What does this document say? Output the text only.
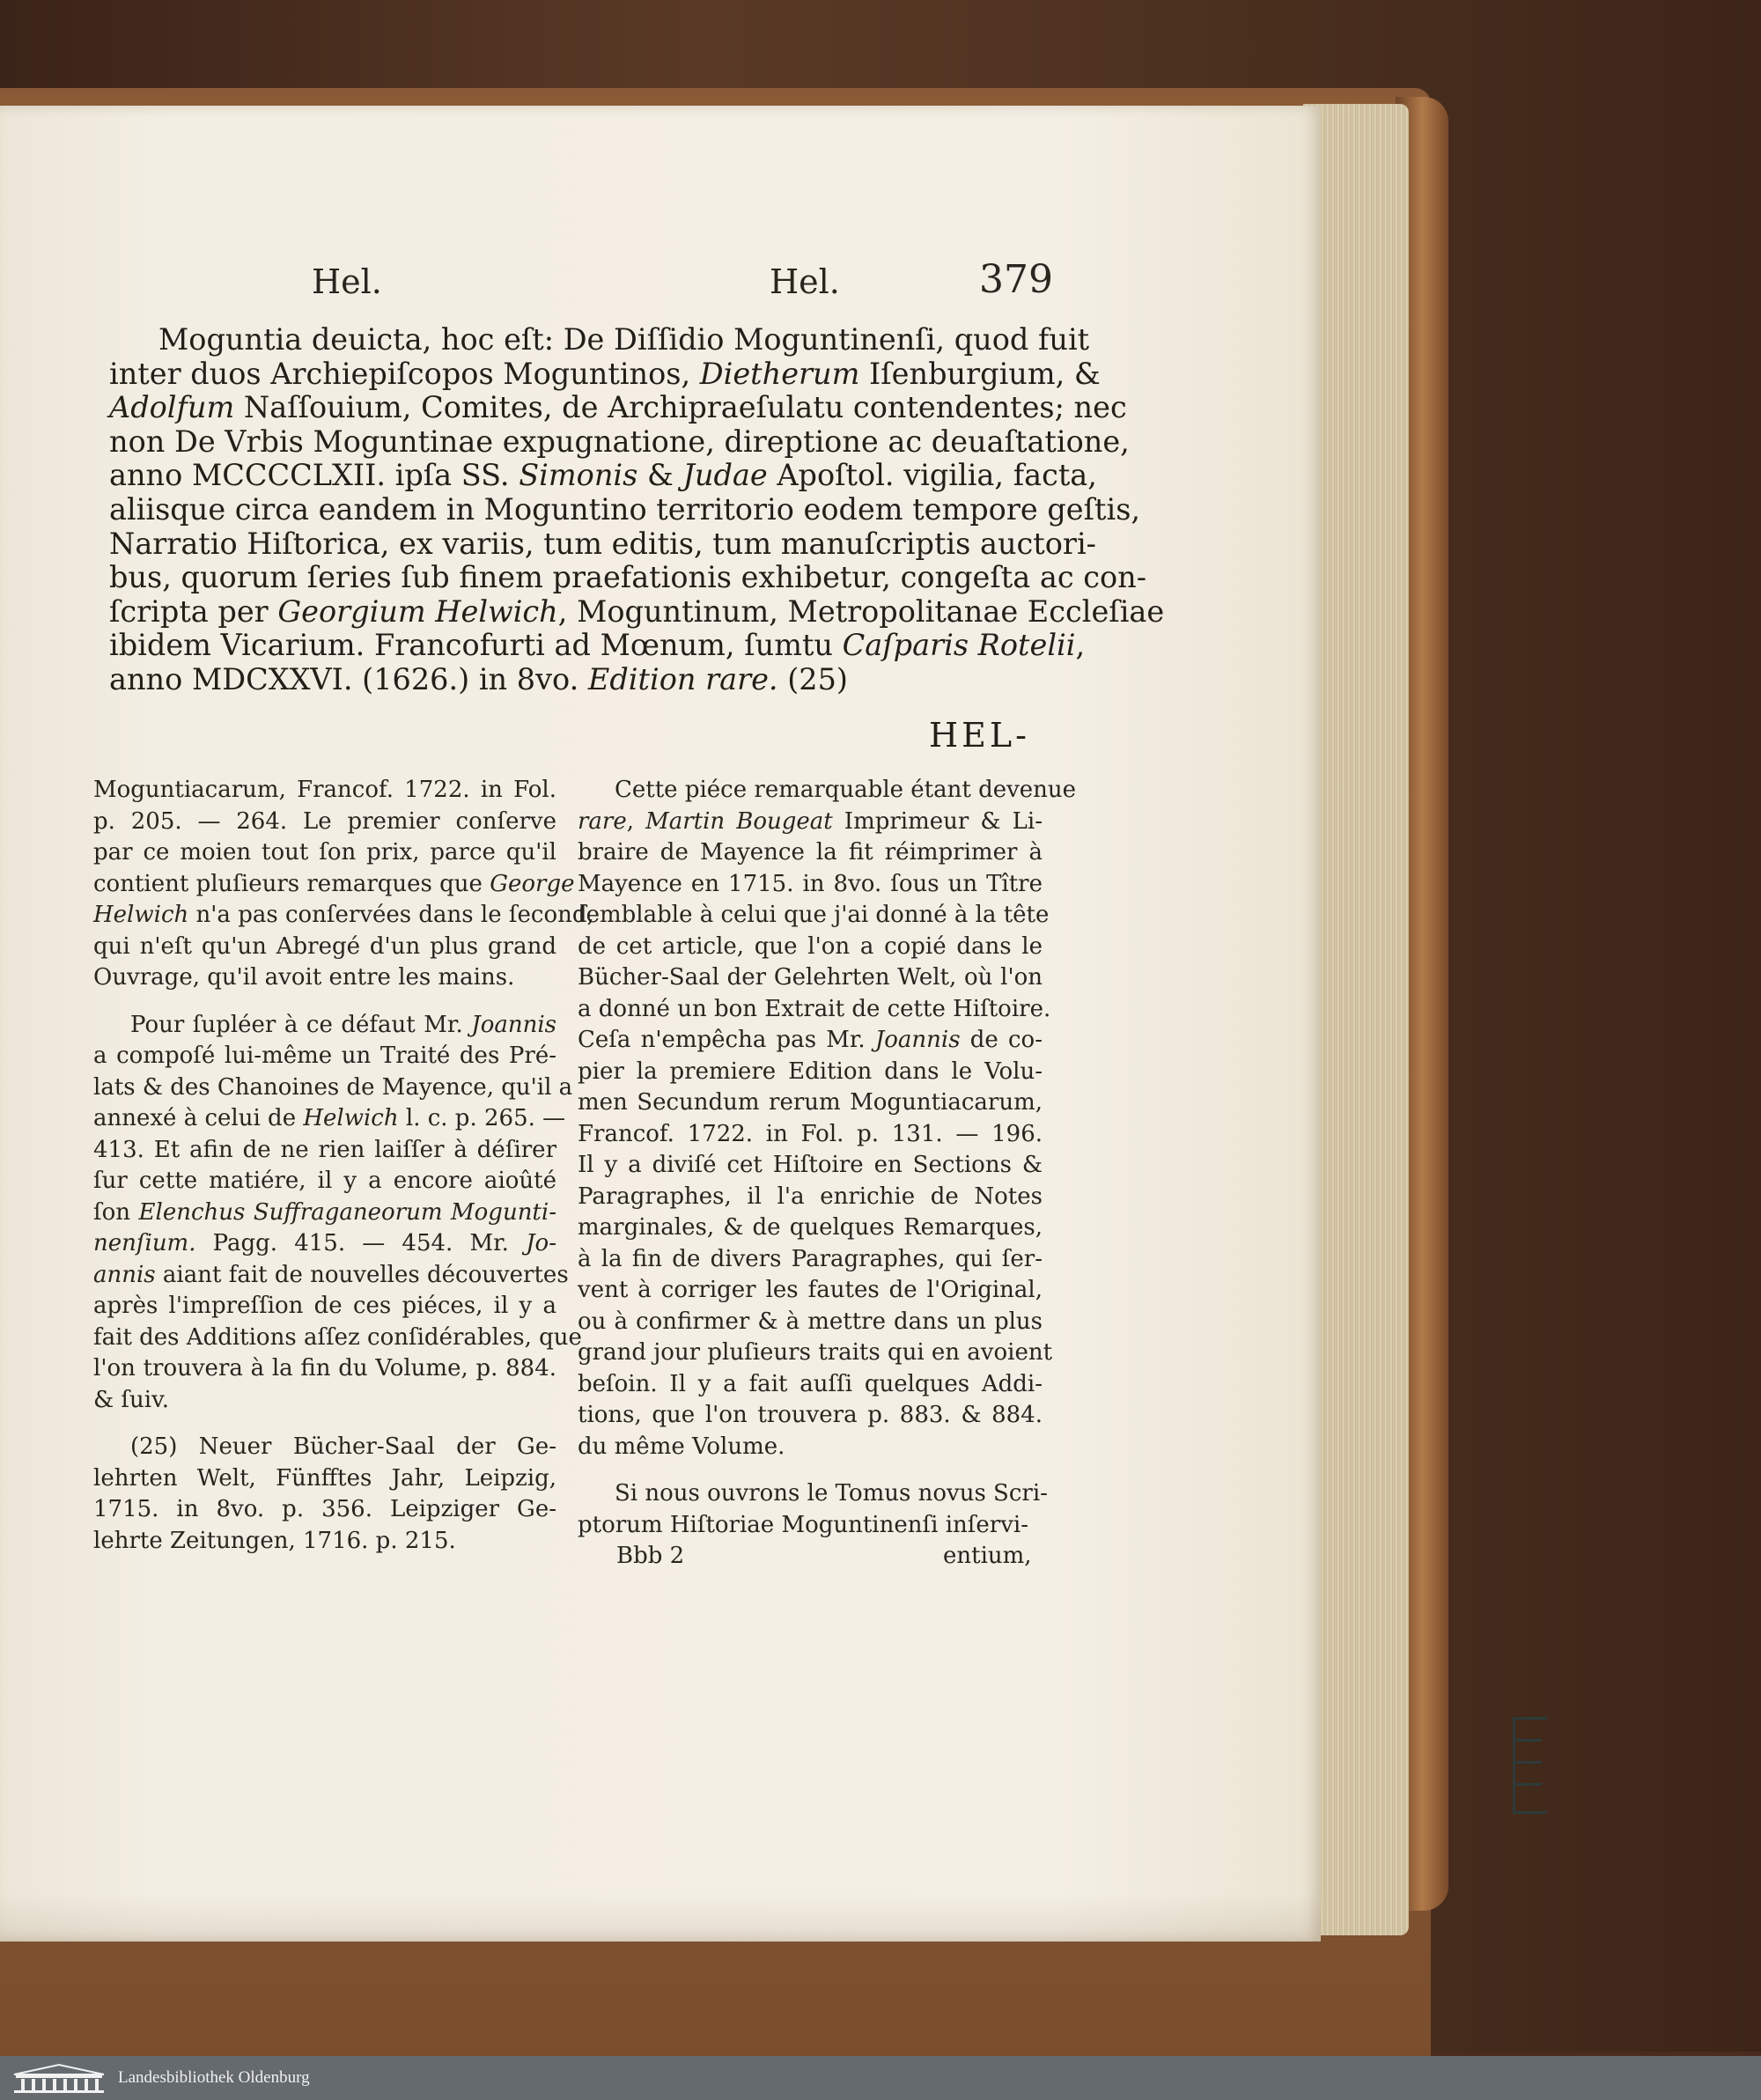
Hel.	Hel.	379
Moguntia deuicta, hoc eſt: De Diſſidio Moguntinenſi, quod fuit
inter duos Archiepiſcopos Moguntinos, Dietherum Iſenburgium, &
Adolfum Naſſouium, Comites, de Archipraeſulatu contendentes; nec
non De Vrbis Moguntinae expugnatione, direptione ac deuaſtatione,
anno MCCCCLXII. ipſa SS. Simonis & Judae Apoſtol. vigilia, facta,
aliisque circa eandem in Moguntino territorio eodem tempore geſtis,
Narratio Hiſtorica, ex variis, tum editis, tum manuſcriptis auctori-
bus, quorum ſeries ſub finem praefationis exhibetur, congeſta ac con-
ſcripta per Georgium Helwich, Moguntinum, Metropolitanae Eccleſiae
ibidem Vicarium. Francofurti ad Mœnum, ſumtu Caſparis Rotelii,
anno MDCXXVI. (1626.) in 8vo. Edition rare. (25)
HEL-
Moguntiacarum, Francof. 1722. in Fol.
p. 205. — 264. Le premier conſerve
par ce moien tout ſon prix, parce qu'il
contient pluſieurs remarques que George
Helwich n'a pas conſervées dans le ſecond,
qui n'eſt qu'un Abregé d'un plus grand
Ouvrage, qu'il avoit entre les mains.
Pour ſupléer à ce défaut Mr. Joannis
a compoſé lui-même un Traité des Pré-
lats & des Chanoines de Mayence, qu'il a
annexé à celui de Helwich l. c. p. 265. —
413. Et afin de ne rien laiſſer à déſirer
ſur cette matiére, il y a encore aioûté
ſon Elenchus Suffraganeorum Mogunti-
nenſium. Pagg. 415. — 454. Mr. Jo-
annis aiant fait de nouvelles découvertes
après l'impreſſion de ces piéces, il y a
fait des Additions aſſez conſidérables, que
l'on trouvera à la fin du Volume, p. 884.
& ſuiv.
(25) Neuer Bücher-Saal der Ge-
lehrten Welt, Fünfftes Jahr, Leipzig,
1715. in 8vo. p. 356. Leipziger Ge-
lehrte Zeitungen, 1716. p. 215.
Cette piéce remarquable étant devenue
rare, Martin Bougeat Imprimeur & Li-
braire de Mayence la fit réimprimer à
Mayence en 1715. in 8vo. ſous un Tître
ſemblable à celui que j'ai donné à la tête
de cet article, que l'on a copié dans le
Bücher-Saal der Gelehrten Welt, où l'on
a donné un bon Extrait de cette Hiſtoire.
Ceſa n'empêcha pas Mr. Joannis de co-
pier la premiere Edition dans le Volu-
men Secundum rerum Moguntiacarum,
Francof. 1722. in Fol. p. 131. — 196.
Il y a diviſé cet Hiſtoire en Sections &
Paragraphes, il l'a enrichie de Notes
marginales, & de quelques Remarques,
à la fin de divers Paragraphes, qui ſer-
vent à corriger les fautes de l'Original,
ou à confirmer & à mettre dans un plus
grand jour pluſieurs traits qui en avoient
beſoin. Il y a fait auſſi quelques Addi-
tions, que l'on trouvera p. 883. & 884.
du même Volume.
Si nous ouvrons le Tomus novus Scri-
ptorum Hiſtoriae Moguntinenſi inſervi-
Bbb 2	entium,
Landesbibliothek Oldenburg
